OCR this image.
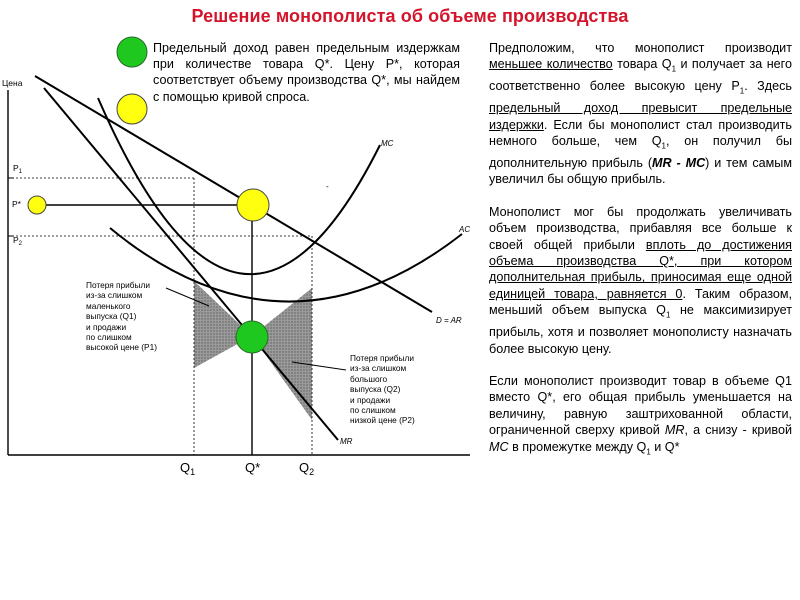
Решение монополиста об объеме производства
Цена
$P_1$
P*
$P_2$
MC
AC
D = AR
MR
-
$Q_1$	Q*	$Q_2$
Потеря прибыли
из-за слишком
маленького
выпуска (Q1)
и продажи
по слишком
высокой цене (P1)
Потеря прибыли
из-за слишком
большого
выпуска (Q2)
и продажи
по слишком
низкой цене (P2)
Предельный доход равен предельным издержкам при количестве товара Q*. Цену P*, которая соответствует объему производства Q*, мы найдем с помощью кривой спроса.

Предположим, что монополист производит меньшее количество товара $Q_1$ и получает за него соответственно более высокую цену $P_1$. Здесь предельный доход превысит предельные издержки. Если бы монополист стал производить немного больше, чем $Q_1$, он получил бы дополнительную прибыль (MR - MC) и тем самым увеличил бы общую прибыль.

Монополист мог бы продолжать увеличивать объем производства, прибавляя все больше к своей общей прибыли вплоть до достижения объема производства Q*, при котором дополнительная прибыль, приносимая еще одной единицей товара, равняется 0. Таким образом, меньший объем выпуска $Q_1$ не максимизирует прибыль, хотя и позволяет монополисту назначать более высокую цену.

Если монополист производит товар в объеме Q1 вместо Q*, его общая прибыль уменьшается на величину, равную заштрихованной области, ограниченной сверху кривой MR, а снизу - кривой MC в промежутке между $Q_1$ и Q*
